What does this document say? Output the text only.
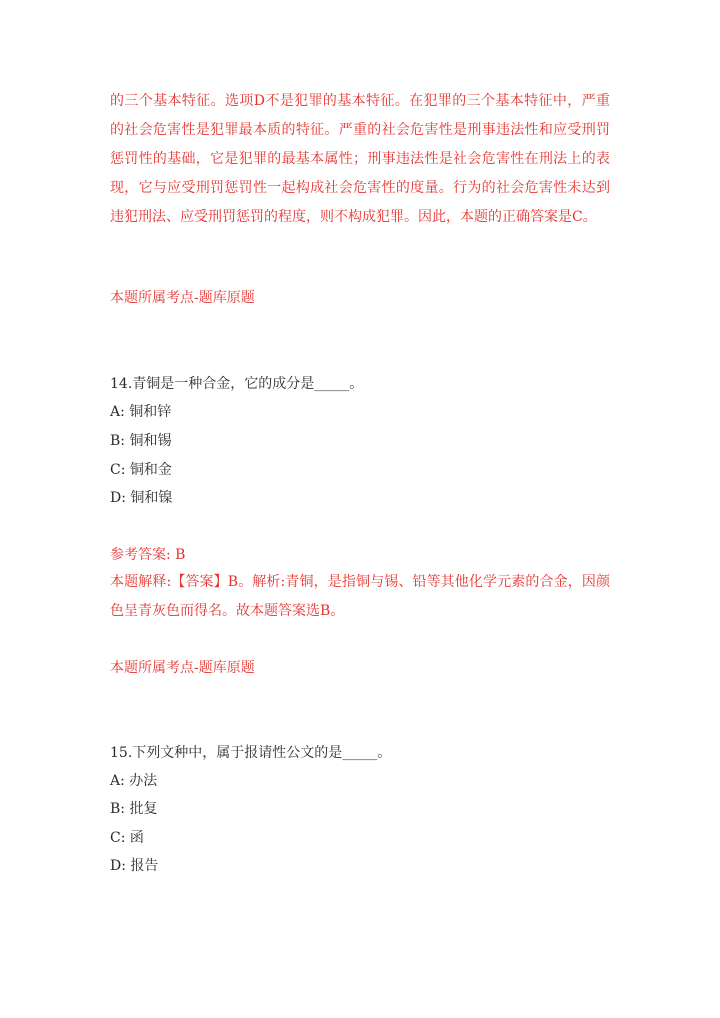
的三个基本特征。选项D不是犯罪的基本特征。在犯罪的三个基本特征中，严重的社会危害性是犯罪最本质的特征。严重的社会危害性是刑事违法性和应受刑罚惩罚性的基础，它是犯罪的最基本属性；刑事违法性是社会危害性在刑法上的表现，它与应受刑罚惩罚性一起构成社会危害性的度量。行为的社会危害性未达到违犯刑法、应受刑罚惩罚的程度，则不构成犯罪。因此，本题的正确答案是C。
本题所属考点-题库原题
14.青铜是一种合金，它的成分是_____。
A: 铜和锌
B: 铜和锡
C: 铜和金
D: 铜和镍
参考答案: B
本题解释:【答案】B。解析:青铜，是指铜与锡、铅等其他化学元素的合金，因颜色呈青灰色而得名。故本题答案选B。
本题所属考点-题库原题
15.下列文种中，属于报请性公文的是_____。
A: 办法
B: 批复
C: 函
D: 报告
